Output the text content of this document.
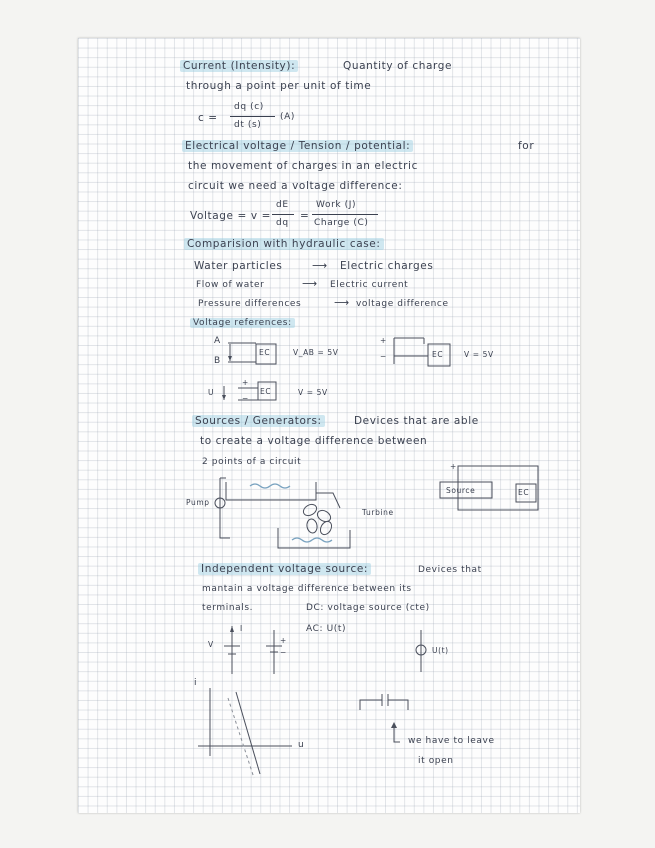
Current (Intensity):	Quantity of charge
through a point per unit of time
c =
dq (c)
dt (s)
(A)
Electrical voltage / Tension / potential:	for
the movement of charges in an electric
circuit we need a voltage difference:
Voltage = v =
dE
dq
=
Work (J)
Charge (C)
Comparision with hydraulic case:
Water particles	⟶ Electric charges
Flow of water	⟶ Electric current
Pressure differences	⟶ voltage difference
Voltage references:
A
B
EC	V_AB = 5V
+
−	EC	V = 5V
U
+
−
EC	V = 5V
Sources / Generators:	Devices that are able
to create a voltage difference between
2 points of a circuit
Pump
Turbine
+
Source	EC
Independent voltage source:	Devices that
mantain a voltage difference between its
terminals.	DC: voltage source (cte)
AC: U(t)
I
V	+
−	U(t)
i
u	we have to leave
it open
